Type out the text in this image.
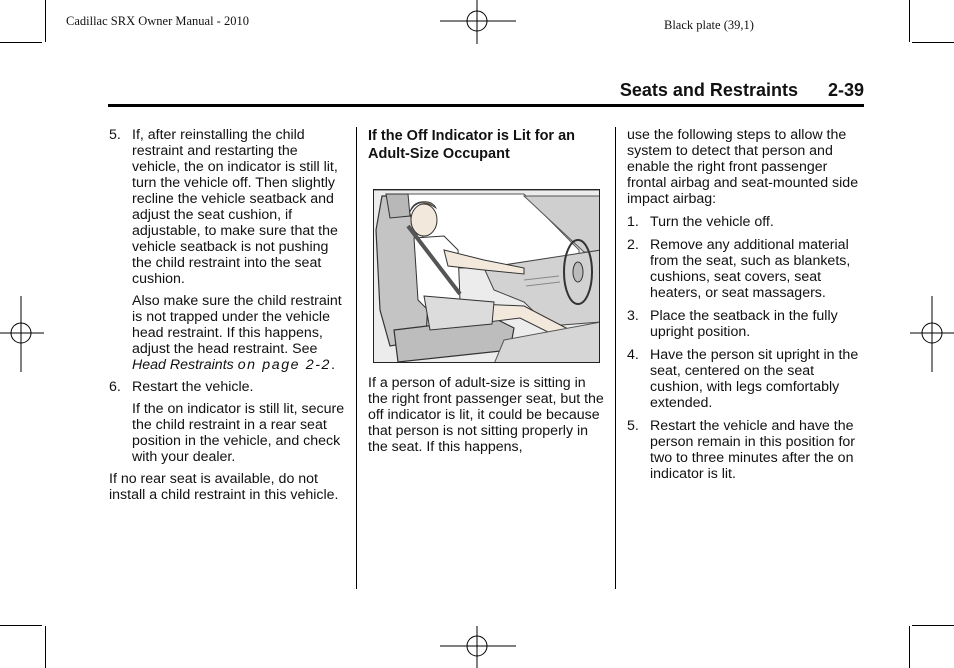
Cadillac SRX Owner Manual - 2010	Black plate (39,1)
Seats and Restraints 2-39
5. If, after reinstalling the child restraint and restarting the vehicle, the on indicator is still lit, turn the vehicle off. Then slightly recline the vehicle seatback and adjust the seat cushion, if adjustable, to make sure that the vehicle seatback is not pushing the child restraint into the seat cushion.
Also make sure the child restraint is not trapped under the vehicle head restraint. If this happens, adjust the head restraint. See Head Restraints on page 2-2.
6. Restart the vehicle.
If the on indicator is still lit, secure the child restraint in a rear seat position in the vehicle, and check with your dealer.
If no rear seat is available, do not install a child restraint in this vehicle.
If the Off Indicator is Lit for an Adult-Size Occupant
If a person of adult-size is sitting in the right front passenger seat, but the off indicator is lit, it could be because that person is not sitting properly in the seat. If this happens,
use the following steps to allow the system to detect that person and enable the right front passenger frontal airbag and seat-mounted side impact airbag:
1. Turn the vehicle off.
2. Remove any additional material from the seat, such as blankets, cushions, seat covers, seat heaters, or seat massagers.
3. Place the seatback in the fully upright position.
4. Have the person sit upright in the seat, centered on the seat cushion, with legs comfortably extended.
5. Restart the vehicle and have the person remain in this position for two to three minutes after the on indicator is lit.
